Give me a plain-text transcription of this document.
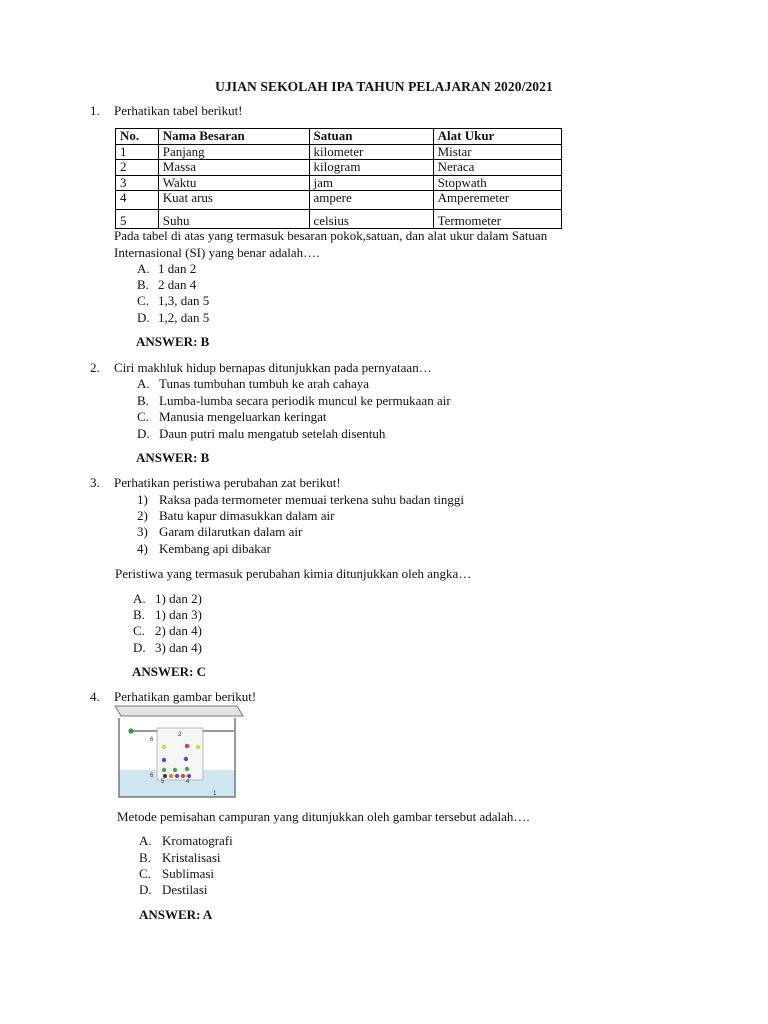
UJIAN SEKOLAH IPA TAHUN PELAJARAN 2020/2021
1. Perhatikan tabel berikut!
No.	Nama Besaran	Satuan	Alat Ukur
1	Panjang	kilometer	Mistar
2	Massa	kilogram	Neraca
3	Waktu	jam	Stopwath
4	Kuat arus	ampere	Amperemeter
5	Suhu	celsius	Termometer
Pada tabel di atas yang termasuk besaran pokok,satuan, dan alat ukur dalam Satuan
Internasional (SI) yang benar adalah….
A. 1 dan 2
B. 2 dan 4
C. 1,3, dan 5
D. 1,2, dan 5
ANSWER: B
2. Ciri makhluk hidup bernapas ditunjukkan pada pernyataan…
A. Tunas tumbuhan tumbuh ke arah cahaya
B. Lumba-lumba secara periodik muncul ke permukaan air
C. Manusia mengeluarkan keringat
D. Daun putri malu mengatub setelah disentuh
ANSWER: B
3. Perhatikan peristiwa perubahan zat berikut!
1) Raksa pada termometer memuai terkena suhu badan tinggi
2) Batu kapur dimasukkan dalam air
3) Garam dilarutkan dalam air
4) Kembang api dibakar
Peristiwa yang termasuk perubahan kimia ditunjukkan oleh angka…
A. 1) dan 2)
B. 1) dan 3)
C. 2) dan 4)
D. 3) dan 4)
ANSWER: C
4. Perhatikan gambar berikut!
2
6
6
5	4
1
Metode pemisahan campuran yang ditunjukkan oleh gambar tersebut adalah….
A. Kromatografi
B. Kristalisasi
C. Sublimasi
D. Destilasi
ANSWER: A
